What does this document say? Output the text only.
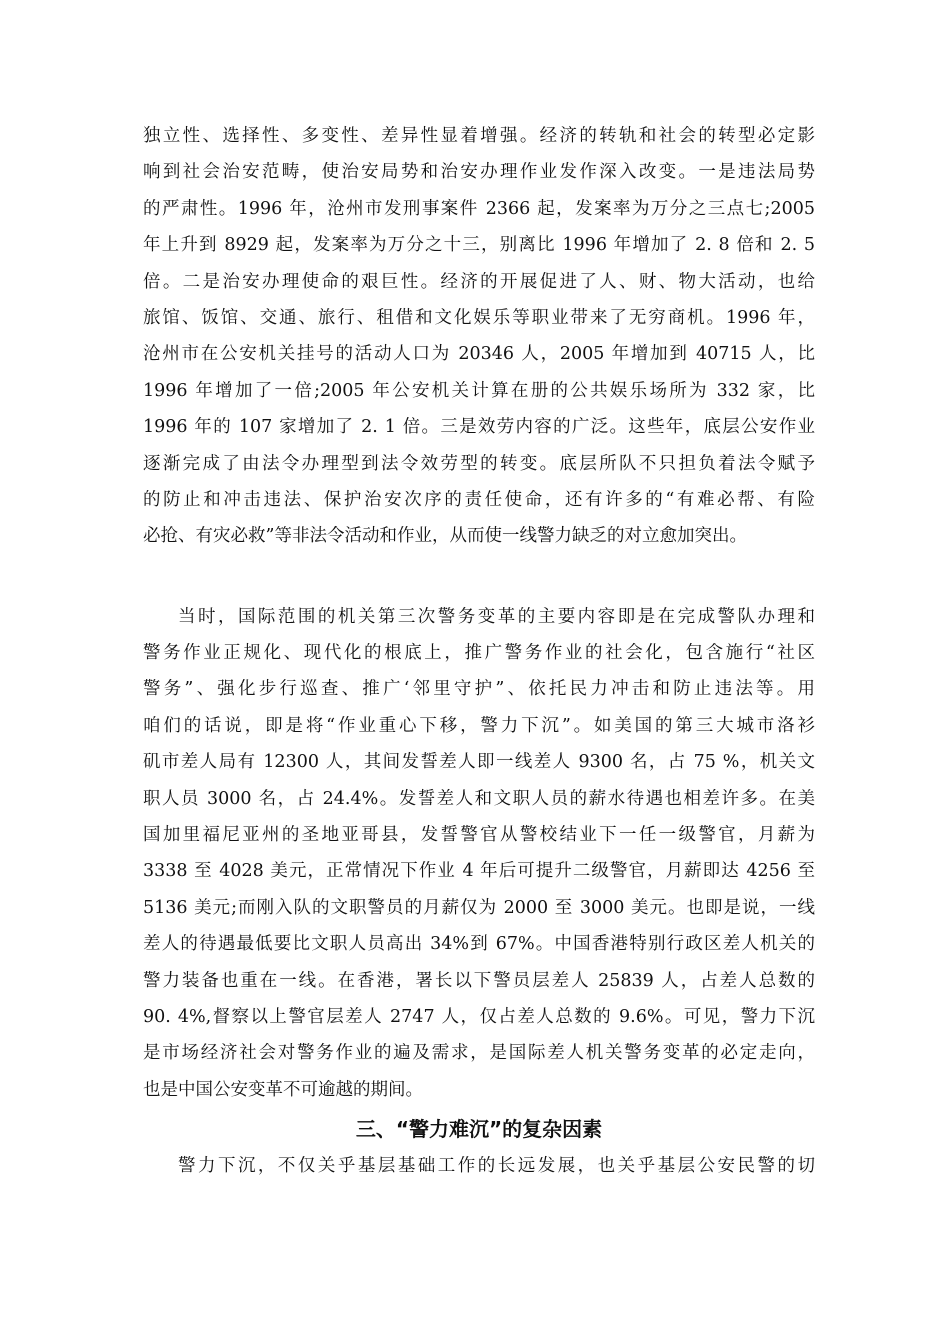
独立性、选择性、多变性、差异性显着增强。经济的转轨和社会的转型必定影
响到社会治安范畴，使治安局势和治安办理作业发作深入改变。一是违法局势
的严肃性。1996 年，沧州市发刑事案件 2366 起，发案率为万分之三点七;2005
年上升到 8929 起，发案率为万分之十三，别离比 1996 年增加了 2. 8 倍和 2. 5
倍。二是治安办理使命的艰巨性。经济的开展促进了人、财、物大活动，也给
旅馆、饭馆、交通、旅行、租借和文化娱乐等职业带来了无穷商机。1996 年，
沧州市在公安机关挂号的活动人口为 20346 人，2005 年增加到 40715 人，比
1996 年增加了一倍;2005 年公安机关计算在册的公共娱乐场所为 332 家，比
1996 年的 107 家增加了 2. 1 倍。三是效劳内容的广泛。这些年，底层公安作业
逐渐完成了由法令办理型到法令效劳型的转变。底层所队不只担负着法令赋予
的防止和冲击违法、保护治安次序的责任使命，还有许多的“有难必帮、有险
必抢、有灾必救”等非法令活动和作业，从而使一线警力缺乏的对立愈加突出。
当时，国际范围的机关第三次警务变革的主要内容即是在完成警队办理和
警务作业正规化、现代化的根底上，推广警务作业的社会化，包含施行“社区
警务”、强化步行巡查、推广‘邻里守护”、依托民力冲击和防止违法等。用
咱们的话说，即是将“作业重心下移，警力下沉”。如美国的第三大城市洛衫
矶市差人局有 12300 人，其间发誓差人即一线差人 9300 名，占 75 %，机关文
职人员 3000 名，占 24.4%。发誓差人和文职人员的薪水待遇也相差许多。在美
国加里福尼亚州的圣地亚哥县，发誓警官从警校结业下一任一级警官，月薪为
3338 至 4028 美元，正常情况下作业 4 年后可提升二级警官，月薪即达 4256 至
5136 美元;而刚入队的文职警员的月薪仅为 2000 至 3000 美元。也即是说，一线
差人的待遇最低要比文职人员高出 34%到 67%。中国香港特别行政区差人机关的
警力装备也重在一线。在香港，署长以下警员层差人 25839 人，占差人总数的
90. 4%,督察以上警官层差人 2747 人，仅占差人总数的 9.6%。可见，警力下沉
是市场经济社会对警务作业的遍及需求，是国际差人机关警务变革的必定走向，
也是中国公安变革不可逾越的期间。
三、“警力难沉”的复杂因素
警力下沉，不仅关乎基层基础工作的长远发展，也关乎基层公安民警的切
